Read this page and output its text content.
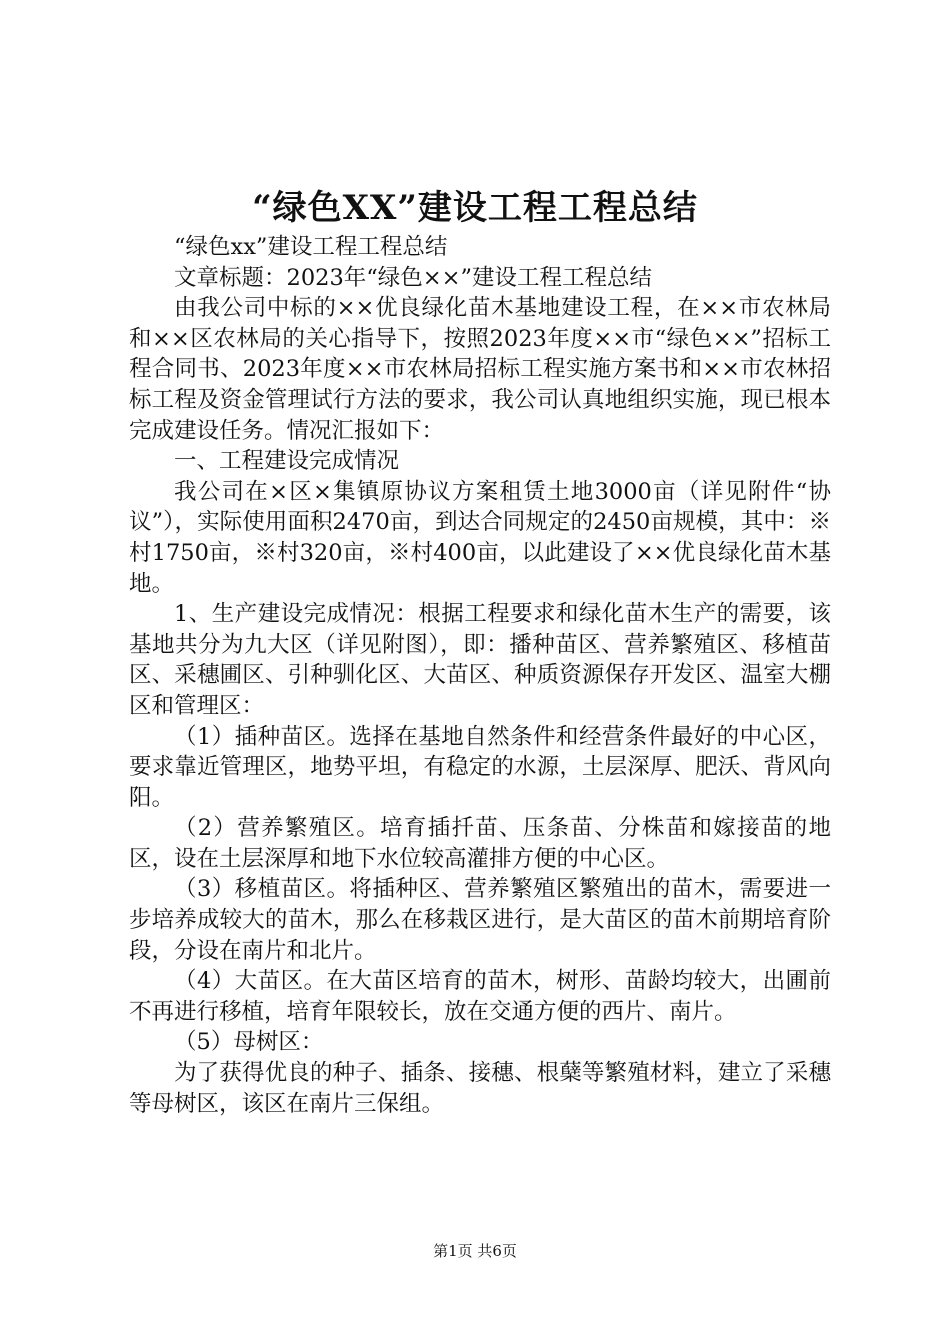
“绿色XX”建设工程工程总结

“绿色xx”建设工程工程总结

文章标题：2023年“绿色××”建设工程工程总结

由我公司中标的××优良绿化苗木基地建设工程，在××市农林局和××区农林局的关心指导下，按照2023年度××市“绿色××”招标工程合同书、2023年度××市农林局招标工程实施方案书和××市农林招标工程及资金管理试行方法的要求，我公司认真地组织实施，现已根本完成建设任务。情况汇报如下：

一、工程建设完成情况

我公司在×区×集镇原协议方案租赁土地3000亩（详见附件“协议”），实际使用面积2470亩，到达合同规定的2450亩规模，其中：※村1750亩，※村320亩，※村400亩，以此建设了××优良绿化苗木基地。

1、生产建设完成情况：根据工程要求和绿化苗木生产的需要，该基地共分为九大区（详见附图），即：播种苗区、营养繁殖区、移植苗区、采穗圃区、引种驯化区、大苗区、种质资源保存开发区、温室大棚区和管理区：

（1）插种苗区。选择在基地自然条件和经营条件最好的中心区，要求靠近管理区，地势平坦，有稳定的水源，土层深厚、肥沃、背风向阳。

（2）营养繁殖区。培育插扦苗、压条苗、分株苗和嫁接苗的地区，设在土层深厚和地下水位较高灌排方便的中心区。

（3）移植苗区。将插种区、营养繁殖区繁殖出的苗木，需要进一步培养成较大的苗木，那么在移栽区进行，是大苗区的苗木前期培育阶段，分设在南片和北片。

（4）大苗区。在大苗区培育的苗木，树形、苗龄均较大，出圃前不再进行移植，培育年限较长，放在交通方便的西片、南片。

（5）母树区：

为了获得优良的种子、插条、接穗、根蘖等繁殖材料，建立了采穗等母树区，该区在南片三保组。

第1页 共6页
